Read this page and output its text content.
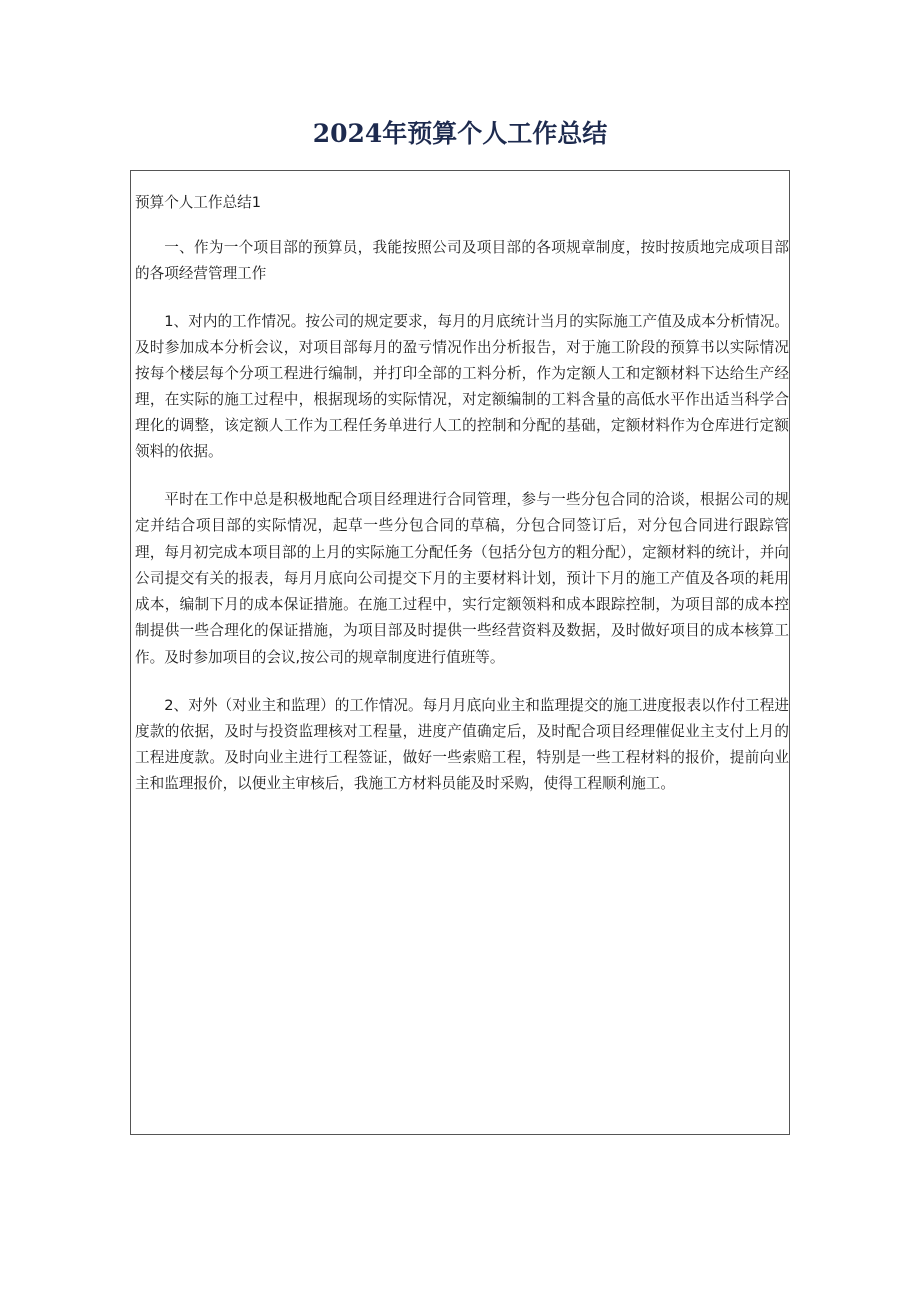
2024年预算个人工作总结

预算个人工作总结1

一、作为一个项目部的预算员，我能按照公司及项目部的各项规章制度，按时按质地完成项目部的各项经营管理工作

1、对内的工作情况。按公司的规定要求，每月的月底统计当月的实际施工产值及成本分析情况。及时参加成本分析会议，对项目部每月的盈亏情况作出分析报告，对于施工阶段的预算书以实际情况按每个楼层每个分项工程进行编制，并打印全部的工料分析，作为定额人工和定额材料下达给生产经理，在实际的施工过程中，根据现场的实际情况，对定额编制的工料含量的高低水平作出适当科学合理化的调整，该定额人工作为工程任务单进行人工的控制和分配的基础，定额材料作为仓库进行定额领料的依据。

平时在工作中总是积极地配合项目经理进行合同管理，参与一些分包合同的洽谈，根据公司的规定并结合项目部的实际情况，起草一些分包合同的草稿，分包合同签订后，对分包合同进行跟踪管理，每月初完成本项目部的上月的实际施工分配任务（包括分包方的粗分配），定额材料的统计，并向公司提交有关的报表，每月月底向公司提交下月的主要材料计划，预计下月的施工产值及各项的耗用成本，编制下月的成本保证措施。在施工过程中，实行定额领料和成本跟踪控制，为项目部的成本控制提供一些合理化的保证措施，为项目部及时提供一些经营资料及数据，及时做好项目的成本核算工作。及时参加项目的会议,按公司的规章制度进行值班等。

2、对外（对业主和监理）的工作情况。每月月底向业主和监理提交的施工进度报表以作付工程进度款的依据，及时与投资监理核对工程量，进度产值确定后，及时配合项目经理催促业主支付上月的工程进度款。及时向业主进行工程签证，做好一些索赔工程，特别是一些工程材料的报价，提前向业主和监理报价，以便业主审核后，我施工方材料员能及时采购，使得工程顺利施工。
